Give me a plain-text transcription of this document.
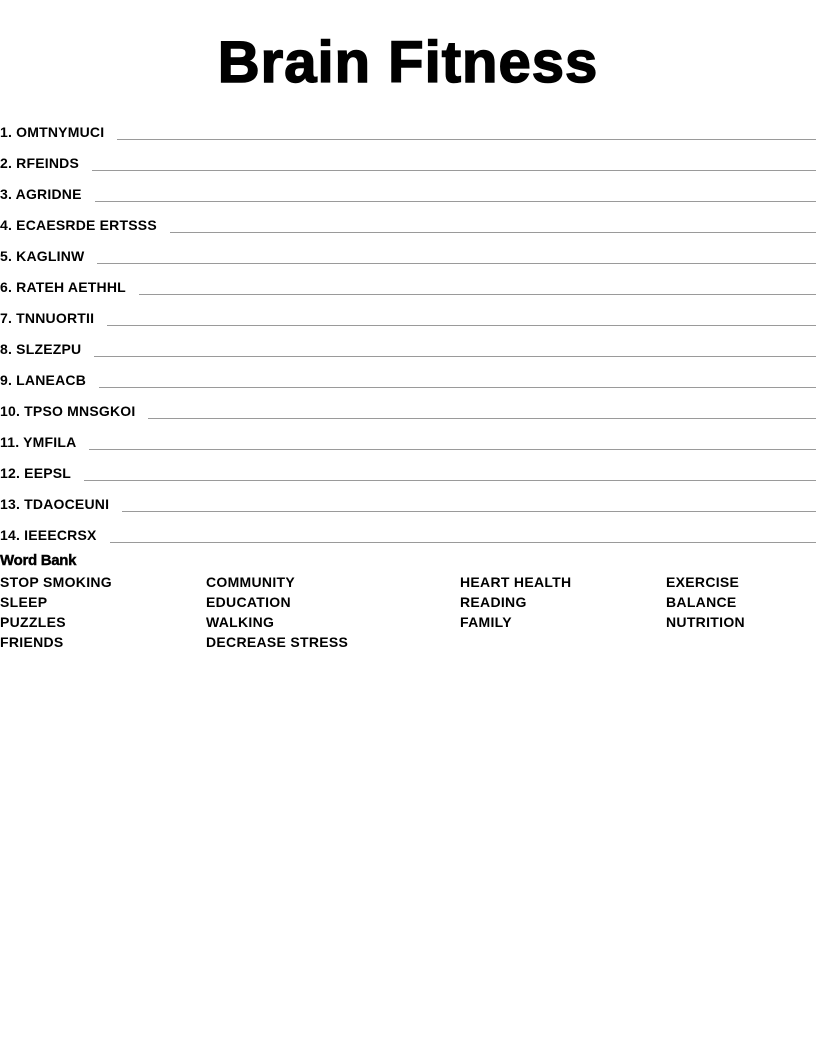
Brain Fitness
1. OMTNYMUCI
2. RFEINDS
3. AGRIDNE
4. ECAESRDE ERTSSS
5. KAGLINW
6. RATEH AETHHL
7. TNNUORTII
8. SLZEZPU
9. LANEACB
10. TPSO MNSGKOI
11. YMFILA
12. EEPSL
13. TDAOCEUNI
14. IEEECRSX
Word Bank
STOP SMOKING	COMMUNITY	HEART HEALTH	EXERCISE
SLEEP	EDUCATION	READING	BALANCE
PUZZLES	WALKING	FAMILY	NUTRITION
FRIENDS	DECREASE STRESS
